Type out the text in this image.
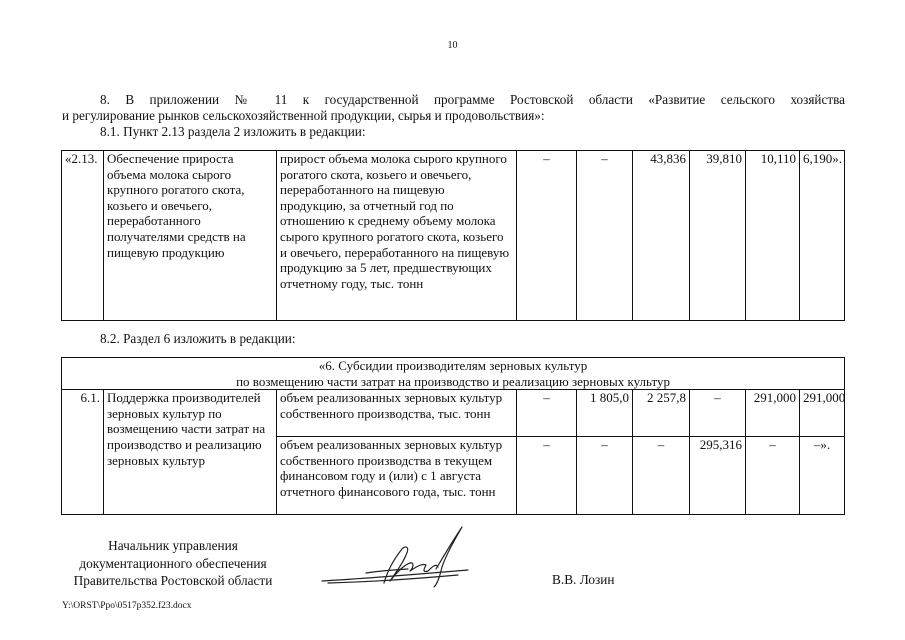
10
8. В приложении № 11 к государственной программе Ростовской области «Развитие сельского хозяйства
и регулирование рынков сельскохозяйственной продукции, сырья и продовольствия»:
8.1. Пункт 2.13 раздела 2 изложить в редакции:
«2.13.	Обеспечение прироста объема молока сырого крупного рогатого скота, козьего и овечьего, переработанного получателями средств на пищевую продукцию	прирост объема молока сырого крупного рогатого скота, козьего и овечьего, переработанного на пищевую продукцию, за отчетный год по отношению к среднему объему молока сырого крупного рогатого скота, козьего и овечьего, переработанного на пищевую продукцию за 5 лет, предшествующих отчетному году, тыс. тонн	–	–	43,836	39,810	10,110	6,190».
8.2. Раздел 6 изложить в редакции:
«6. Субсидии производителям зерновых культур
по возмещению части затрат на производство и реализацию зерновых культур								

6.1.	Поддержка производителей зерновых культур по возмещению части затрат на производство и реализацию зерновых культур	объем реализованных зерновых культур собственного производства, тыс. тонн	–	1 805,0	2 257,8	–	291,000	291,000
		объем реализованных зерновых культур собственного производства в текущем финансовом году и (или) с 1 августа отчетного финансового года, тыс. тонн	–	–	–	295,316	–	–».
Начальник управления
документационного обеспечения
Правительства Ростовской области	В.В. Лозин
Y:\ORST\Ppo\0517p352.f23.docx
